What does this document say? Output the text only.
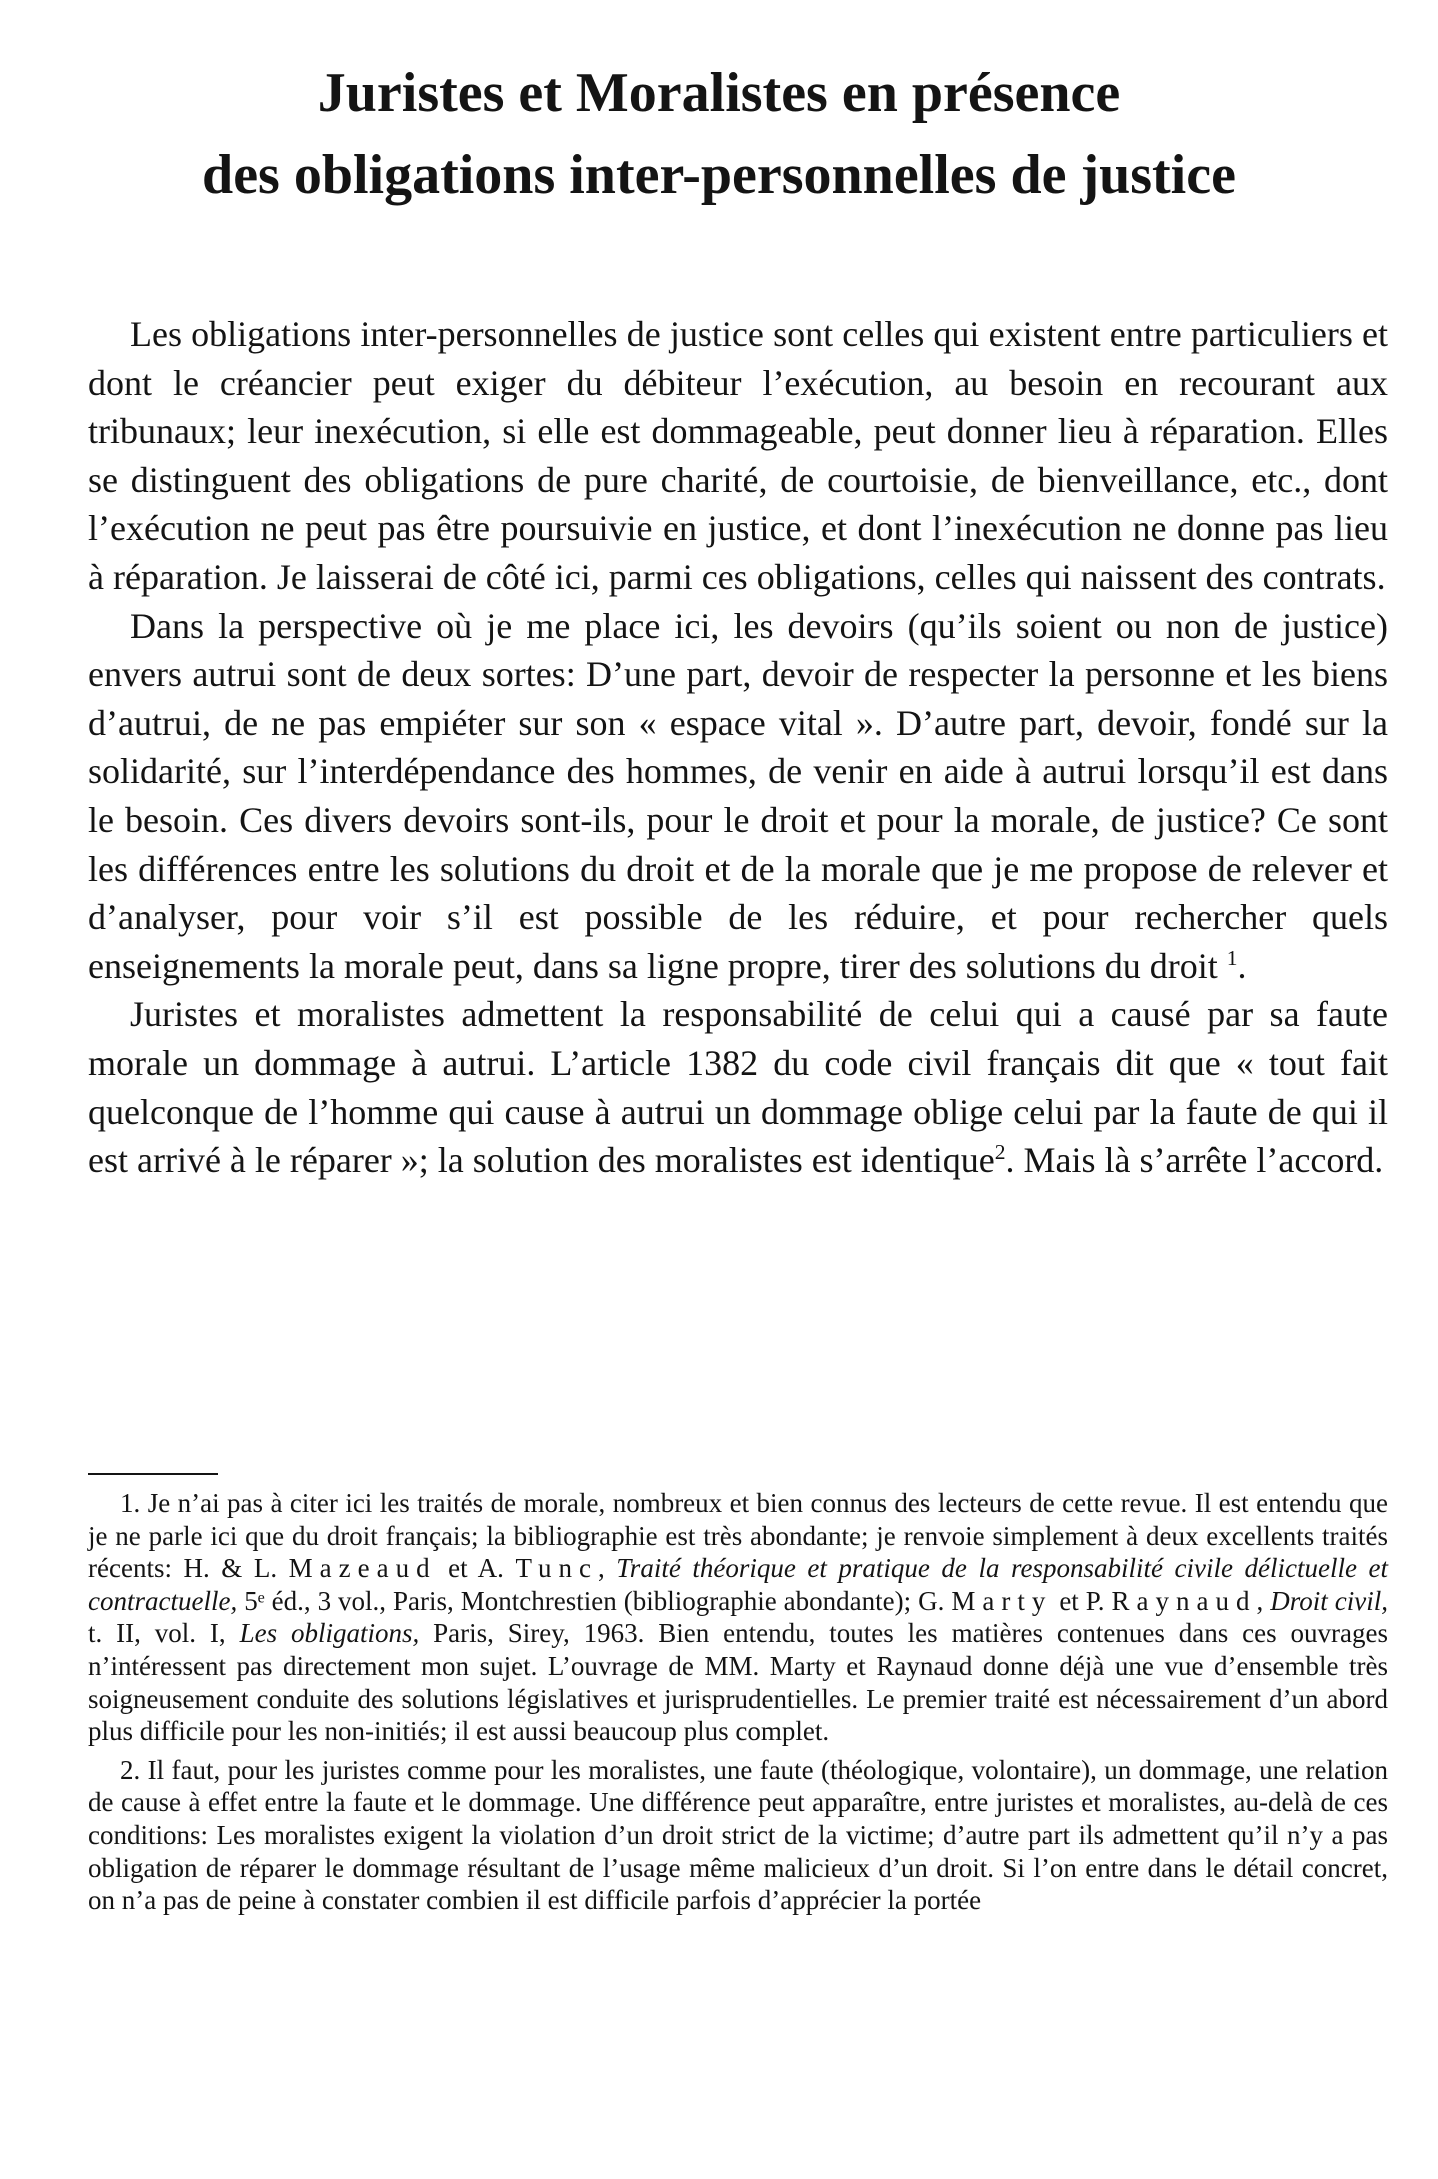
Juristes et Moralistes en présence
des obligations inter-personnelles de justice

Les obligations inter-personnelles de justice sont celles qui existent entre particuliers et dont le créancier peut exiger du débiteur l’exécution, au besoin en recourant aux tribunaux; leur inexécution, si elle est dommageable, peut donner lieu à réparation. Elles se distinguent des obligations de pure charité, de courtoisie, de bienveillance, etc., dont l’exécution ne peut pas être poursuivie en justice, et dont l’inexécution ne donne pas lieu à réparation. Je laisserai de côté ici, parmi ces obligations, celles qui naissent des contrats.

Dans la perspective où je me place ici, les devoirs (qu’ils soient ou non de justice) envers autrui sont de deux sortes: D’une part, devoir de respecter la personne et les biens d’autrui, de ne pas empiéter sur son « espace vital ». D’autre part, devoir, fondé sur la solidarité, sur l’interdépendance des hommes, de venir en aide à autrui lorsqu’il est dans le besoin. Ces divers devoirs sont-ils, pour le droit et pour la morale, de justice? Ce sont les différences entre les solutions du droit et de la morale que je me propose de relever et d’analyser, pour voir s’il est possible de les réduire, et pour rechercher quels enseignements la morale peut, dans sa ligne propre, tirer des solutions du droit $^1$.

Juristes et moralistes admettent la responsabilité de celui qui a causé par sa faute morale un dommage à autrui. L’article 1382 du code civil français dit que « tout fait quelconque de l’homme qui cause à autrui un dommage oblige celui par la faute de qui il est arrivé à le réparer »; la solution des moralistes est identique$^2$. Mais là s’arrête l’accord.

1. Je n’ai pas à citer ici les traités de morale, nombreux et bien connus des lecteurs de cette revue. Il est entendu que je ne parle ici que du droit français; la bibliographie est très abondante; je renvoie simplement à deux excellents traités récents: H. & L. Mazeaud et A. Tunc, Traité théorique et pratique de la responsabilité civile délictuelle et contractuelle, 5ᵉ éd., 3 vol., Paris, Montchrestien (bibliographie abondante); G. Marty et P. Raynaud, Droit civil, t. II, vol. I, Les obligations, Paris, Sirey, 1963. Bien entendu, toutes les matières contenues dans ces ouvrages n’intéressent pas directement mon sujet. L’ouvrage de MM. Marty et Raynaud donne déjà une vue d’ensemble très soigneusement conduite des solutions législatives et jurisprudentielles. Le premier traité est nécessairement d’un abord plus difficile pour les non-initiés; il est aussi beaucoup plus complet.

2. Il faut, pour les juristes comme pour les moralistes, une faute (théologique, volontaire), un dommage, une relation de cause à effet entre la faute et le dommage. Une différence peut apparaître, entre juristes et moralistes, au-delà de ces conditions: Les moralistes exigent la violation d’un droit strict de la victime; d’autre part ils admettent qu’il n’y a pas obligation de réparer le dommage résultant de l’usage même malicieux d’un droit. Si l’on entre dans le détail concret, on n’a pas de peine à constater combien il est difficile parfois d’apprécier la portée
